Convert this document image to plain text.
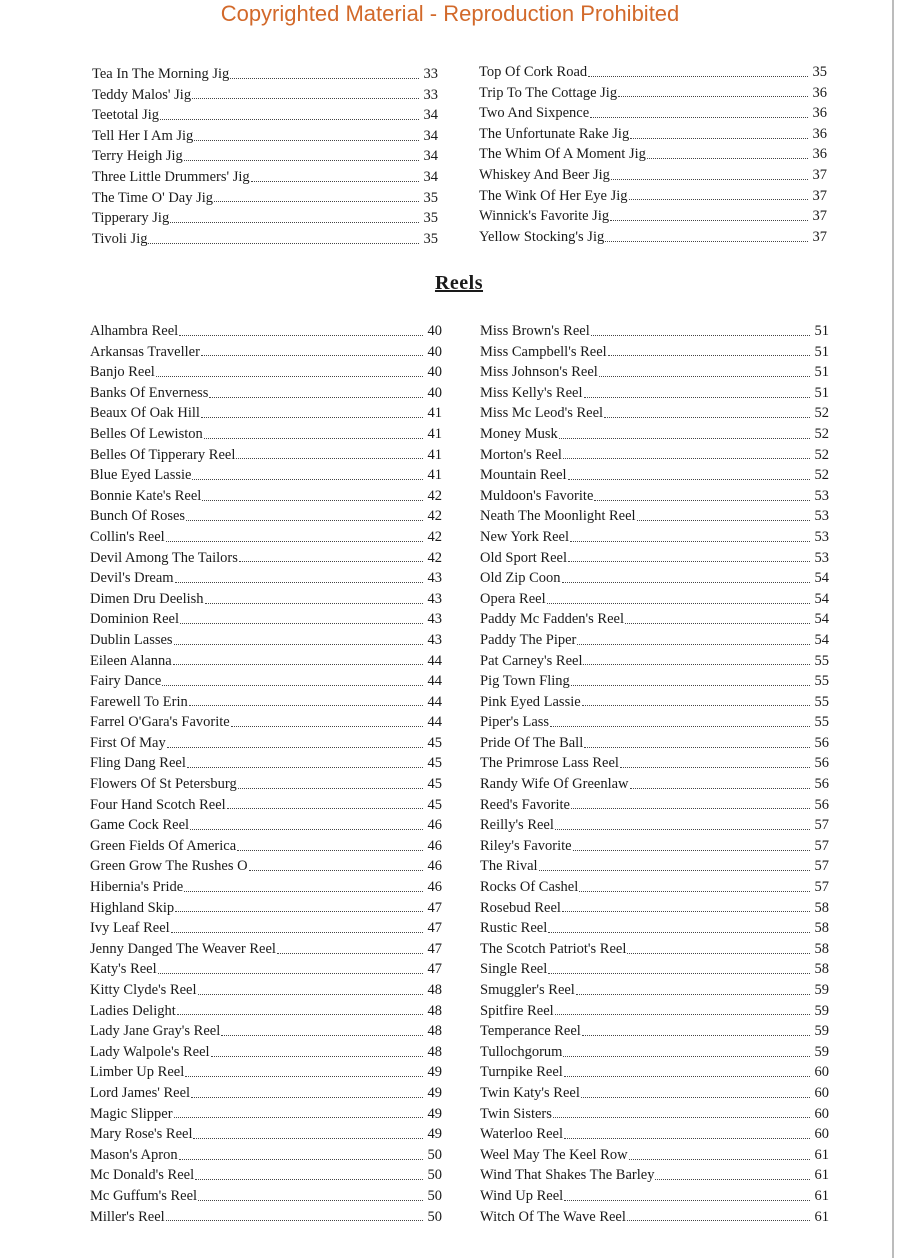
Copyrighted Material - Reproduction Prohibited
Tea In The Morning Jig	33
Teddy Malos' Jig	33
Teetotal Jig	34
Tell Her I Am Jig	34
Terry Heigh Jig	34
Three Little Drummers' Jig	34
The Time O' Day Jig	35
Tipperary Jig	35
Tivoli Jig	35
Top Of Cork Road	35
Trip To The Cottage Jig	36
Two And Sixpence	36
The Unfortunate Rake Jig	36
The Whim Of A Moment Jig	36
Whiskey And Beer Jig	37
The Wink Of Her Eye Jig	37
Winnick's Favorite Jig	37
Yellow Stocking's Jig	37
Reels
Alhambra Reel	40
Arkansas Traveller	40
Banjo Reel	40
Banks Of Enverness	40
Beaux Of Oak Hill	41
Belles Of Lewiston	41
Belles Of Tipperary Reel	41
Blue Eyed Lassie	41
Bonnie Kate's Reel	42
Bunch Of Roses	42
Collin's Reel	42
Devil Among The Tailors	42
Devil's Dream	43
Dimen Dru Deelish	43
Dominion Reel	43
Dublin Lasses	43
Eileen Alanna	44
Fairy Dance	44
Farewell To Erin	44
Farrel O'Gara's Favorite	44
First Of May	45
Fling Dang Reel	45
Flowers Of St Petersburg	45
Four Hand Scotch Reel	45
Game Cock Reel	46
Green Fields Of America	46
Green Grow The Rushes O	46
Hibernia's Pride	46
Highland Skip	47
Ivy Leaf Reel	47
Jenny Danged The Weaver Reel	47
Katy's Reel	47
Kitty Clyde's Reel	48
Ladies Delight	48
Lady Jane Gray's Reel	48
Lady Walpole's Reel	48
Limber Up Reel	49
Lord James' Reel	49
Magic Slipper	49
Mary Rose's Reel	49
Mason's Apron	50
Mc Donald's Reel	50
Mc Guffum's Reel	50
Miller's Reel	50
Miss Brown's Reel	51
Miss Campbell's Reel	51
Miss Johnson's Reel	51
Miss Kelly's Reel	51
Miss Mc Leod's Reel	52
Money Musk	52
Morton's Reel	52
Mountain Reel	52
Muldoon's Favorite	53
Neath The Moonlight Reel	53
New York Reel	53
Old Sport Reel	53
Old Zip Coon	54
Opera Reel	54
Paddy Mc Fadden's Reel	54
Paddy The Piper	54
Pat Carney's Reel	55
Pig Town Fling	55
Pink Eyed Lassie	55
Piper's Lass	55
Pride Of The Ball	56
The Primrose Lass Reel	56
Randy Wife Of Greenlaw	56
Reed's Favorite	56
Reilly's Reel	57
Riley's Favorite	57
The Rival	57
Rocks Of Cashel	57
Rosebud Reel	58
Rustic Reel	58
The Scotch Patriot's Reel	58
Single Reel	58
Smuggler's Reel	59
Spitfire Reel	59
Temperance Reel	59
Tullochgorum	59
Turnpike Reel	60
Twin Katy's Reel	60
Twin Sisters	60
Waterloo Reel	60
Weel May The Keel Row	61
Wind That Shakes The Barley	61
Wind Up Reel	61
Witch Of The Wave Reel	61
